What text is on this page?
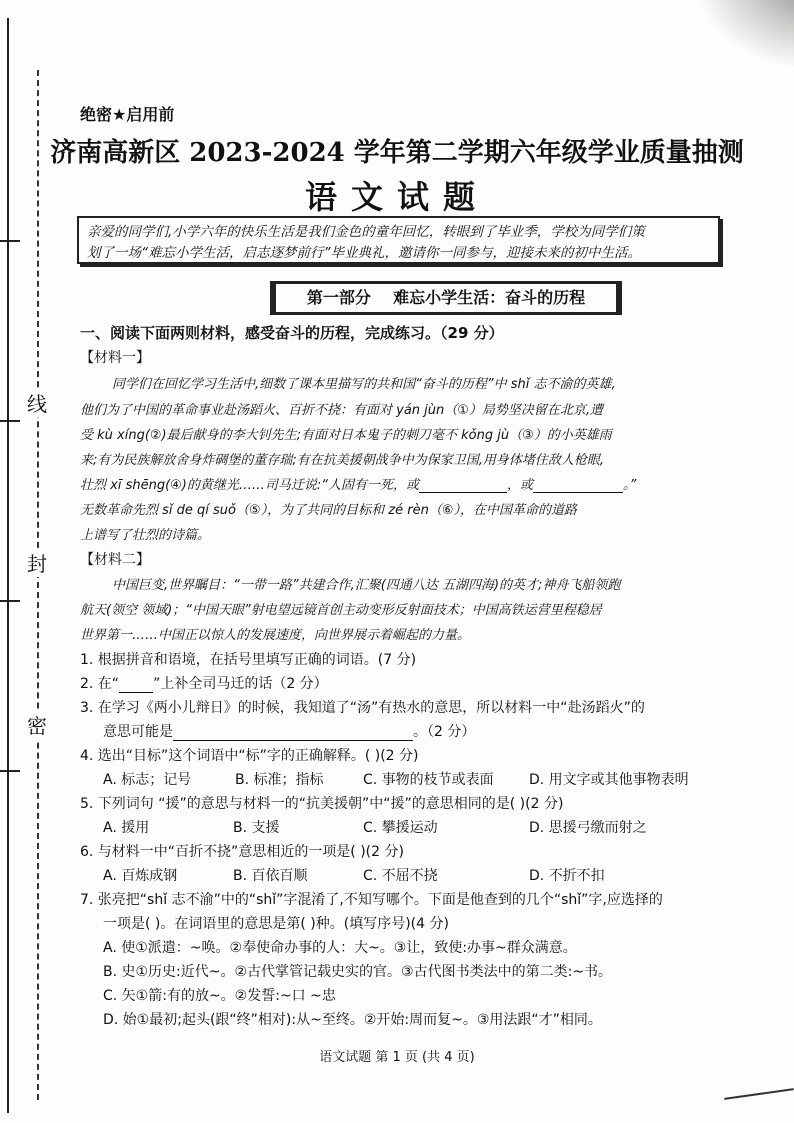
线
封
密
绝密★启用前
济南高新区 2023-2024 学年第二学期六年级学业质量抽测
语文试题
亲爱的同学们,小学六年的快乐生活是我们金色的童年回忆，转眼到了毕业季，学校为同学们策
划了一场“难忘小学生活，启志逐梦前行”毕业典礼，邀请你一同参与，迎接未来的初中生活。
第一部分 难忘小学生活：奋斗的历程
一、阅读下面两则材料，感受奋斗的历程，完成练习。（29 分）
【材料一】
同学们在回忆学习生活中,细数了课本里描写的共和国“奋斗的历程”中 shǐ 志不渝的英雄,
他们为了中国的革命事业赴汤蹈火、百折不挠：有面对 yán jùn（①）局势坚决留在北京,遭
受 kù xíng(②)最后献身的李大钊先生;有面对日本鬼子的刺刀毫不 kǒng jù（③）的小英雄雨
来;有为民族解放舍身炸碉堡的董存瑞;有在抗美援朝战争中为保家卫国,用身体堵住敌人枪眼,
壮烈 xī shēng(④)的黄继光……司马迁说:“人固有一死，或	，或	。”
无数革命先烈 sǐ de qí suǒ（⑤），为了共同的目标和 zé rèn（⑥），在中国革命的道路
上谱写了壮烈的诗篇。
【材料二】
中国巨变,世界瞩目：“一带一路”共建合作,汇聚(四通八达 五湖四海)的英才;神舟飞船领跑
航天(领空 领域)；“中国天眼”射电望远镜首创主动变形反射面技术；中国高铁运营里程稳居
世界第一……中国正以惊人的发展速度，向世界展示着崛起的力量。
1. 根据拼音和语境，在括号里填写正确的词语。(7 分)
2. 在“ ”上补全司马迁的话（2 分）
3. 在学习《两小儿辩日》的时候，我知道了“汤”有热水的意思，所以材料一中“赴汤蹈火”的
意思可能是	。（2 分）
4. 选出“目标”这个词语中“标”字的正确解释。( )(2 分)
A. 标志；记号	B. 标准；指标	C. 事物的枝节或表面	D. 用文字或其他事物表明
5. 下列词句 “援”的意思与材料一的“抗美援朝”中“援”的意思相同的是( )(2 分)
A. 援用	B. 支援	C. 攀援运动	D. 思援弓缴而射之
6. 与材料一中“百折不挠”意思相近的一项是( )(2 分)
A. 百炼成钢	B. 百依百顺	C. 不屈不挠	D. 不折不扣
7. 张亮把“shǐ 志不渝”中的“shǐ”字混淆了,不知写哪个。下面是他查到的几个“shǐ”字,应选择的
一项是( )。在词语里的意思是第( )种。(填写序号)(4 分)
A. 使①派遣：~唤。②奉使命办事的人：大~。③让，致使:办事~群众满意。
B. 史①历史:近代~。②古代掌管记载史实的官。③古代图书类法中的第二类:~书。
C. 矢①箭:有的放~。②发誓:~口 ~忠
D. 始①最初;起头(跟“终”相对):从~至终。②开始:周而复~。③用法跟“才”相同。
语文试题 第 1 页 (共 4 页)
